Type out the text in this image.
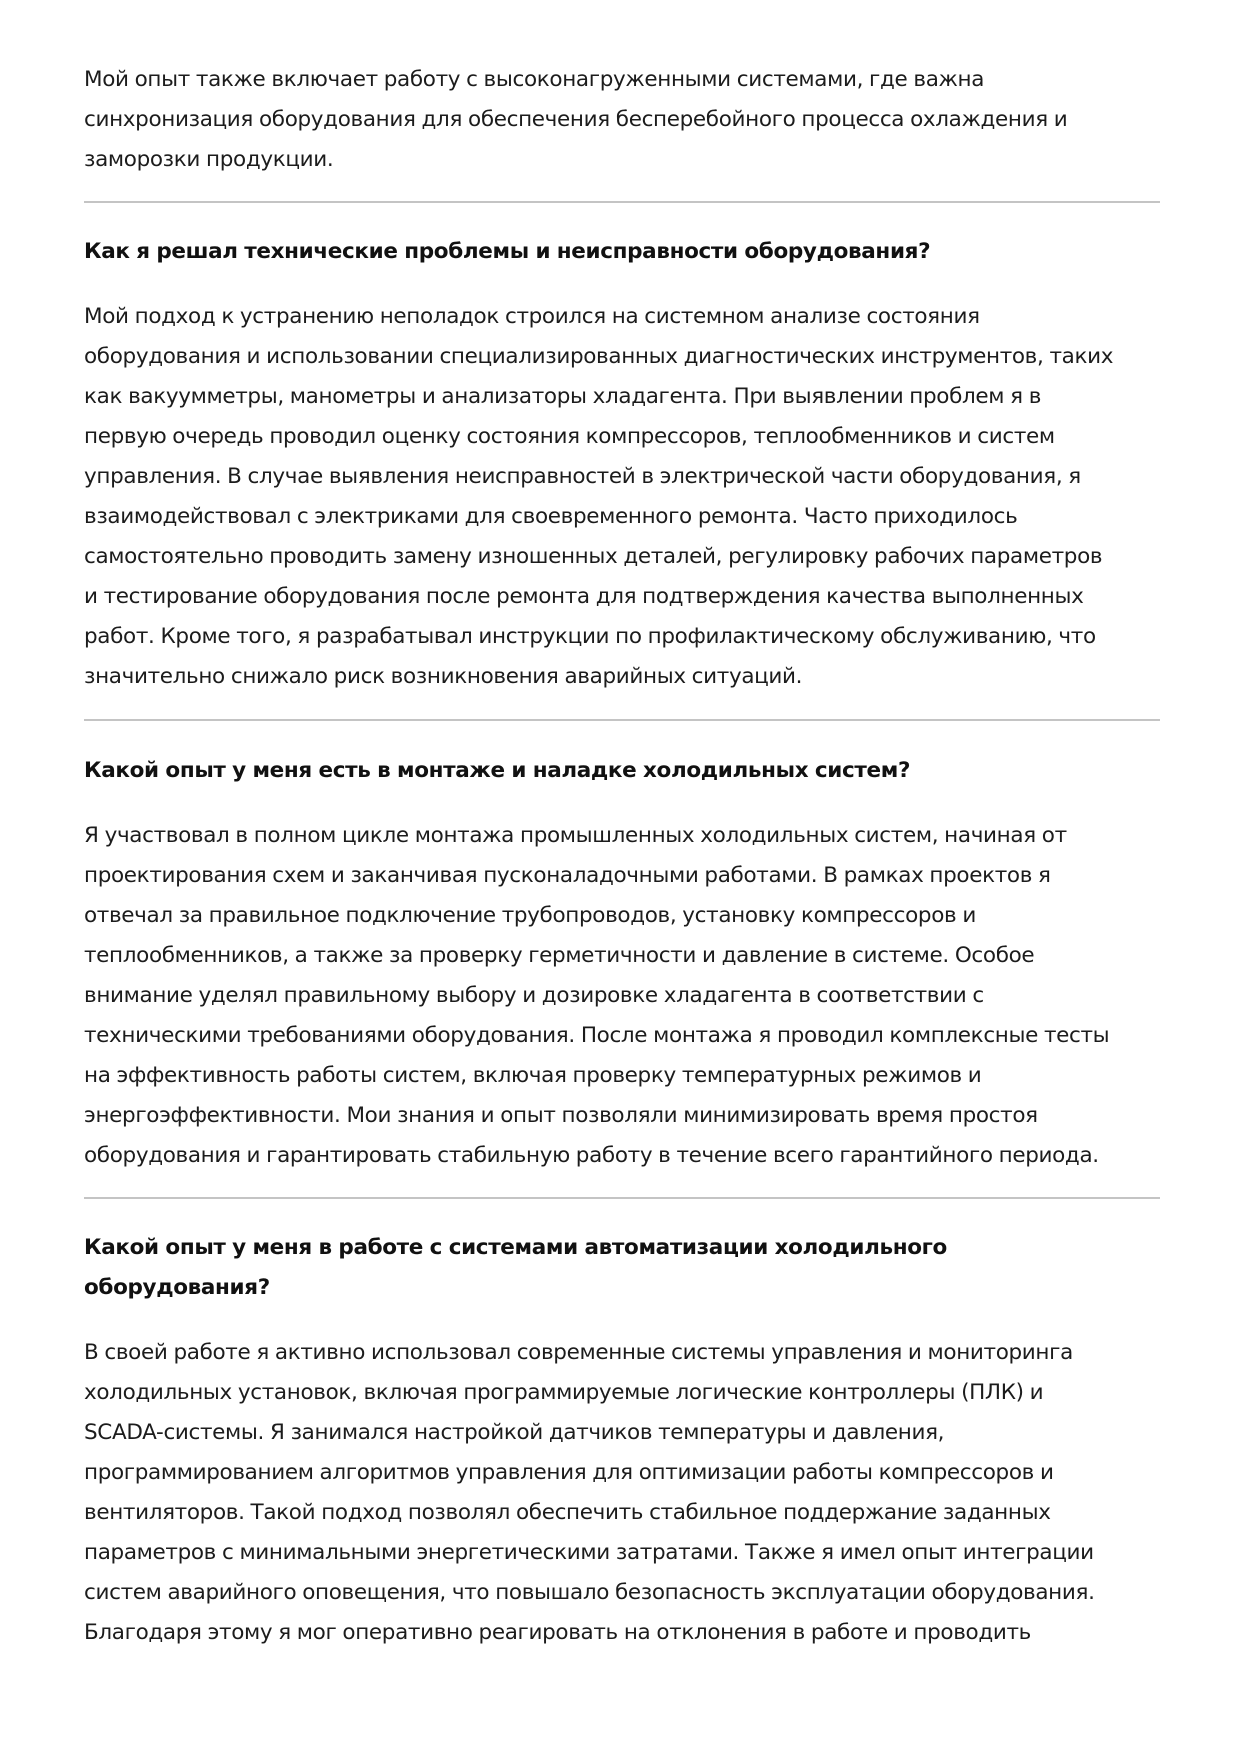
Мой опыт также включает работу с высоконагруженными системами, где важна
синхронизация оборудования для обеспечения бесперебойного процесса охлаждения и
заморозки продукции.
Как я решал технические проблемы и неисправности оборудования?
Мой подход к устранению неполадок строился на системном анализе состояния
оборудования и использовании специализированных диагностических инструментов, таких
как вакуумметры, манометры и анализаторы хладагента. При выявлении проблем я в
первую очередь проводил оценку состояния компрессоров, теплообменников и систем
управления. В случае выявления неисправностей в электрической части оборудования, я
взаимодействовал с электриками для своевременного ремонта. Часто приходилось
самостоятельно проводить замену изношенных деталей, регулировку рабочих параметров
и тестирование оборудования после ремонта для подтверждения качества выполненных
работ. Кроме того, я разрабатывал инструкции по профилактическому обслуживанию, что
значительно снижало риск возникновения аварийных ситуаций.
Какой опыт у меня есть в монтаже и наладке холодильных систем?
Я участвовал в полном цикле монтажа промышленных холодильных систем, начиная от
проектирования схем и заканчивая пусконаладочными работами. В рамках проектов я
отвечал за правильное подключение трубопроводов, установку компрессоров и
теплообменников, а также за проверку герметичности и давление в системе. Особое
внимание уделял правильному выбору и дозировке хладагента в соответствии с
техническими требованиями оборудования. После монтажа я проводил комплексные тесты
на эффективность работы систем, включая проверку температурных режимов и
энергоэффективности. Мои знания и опыт позволяли минимизировать время простоя
оборудования и гарантировать стабильную работу в течение всего гарантийного периода.
Какой опыт у меня в работе с системами автоматизации холодильного
оборудования?
В своей работе я активно использовал современные системы управления и мониторинга
холодильных установок, включая программируемые логические контроллеры (ПЛК) и
SCADA-системы. Я занимался настройкой датчиков температуры и давления,
программированием алгоритмов управления для оптимизации работы компрессоров и
вентиляторов. Такой подход позволял обеспечить стабильное поддержание заданных
параметров с минимальными энергетическими затратами. Также я имел опыт интеграции
систем аварийного оповещения, что повышало безопасность эксплуатации оборудования.
Благодаря этому я мог оперативно реагировать на отклонения в работе и проводить
